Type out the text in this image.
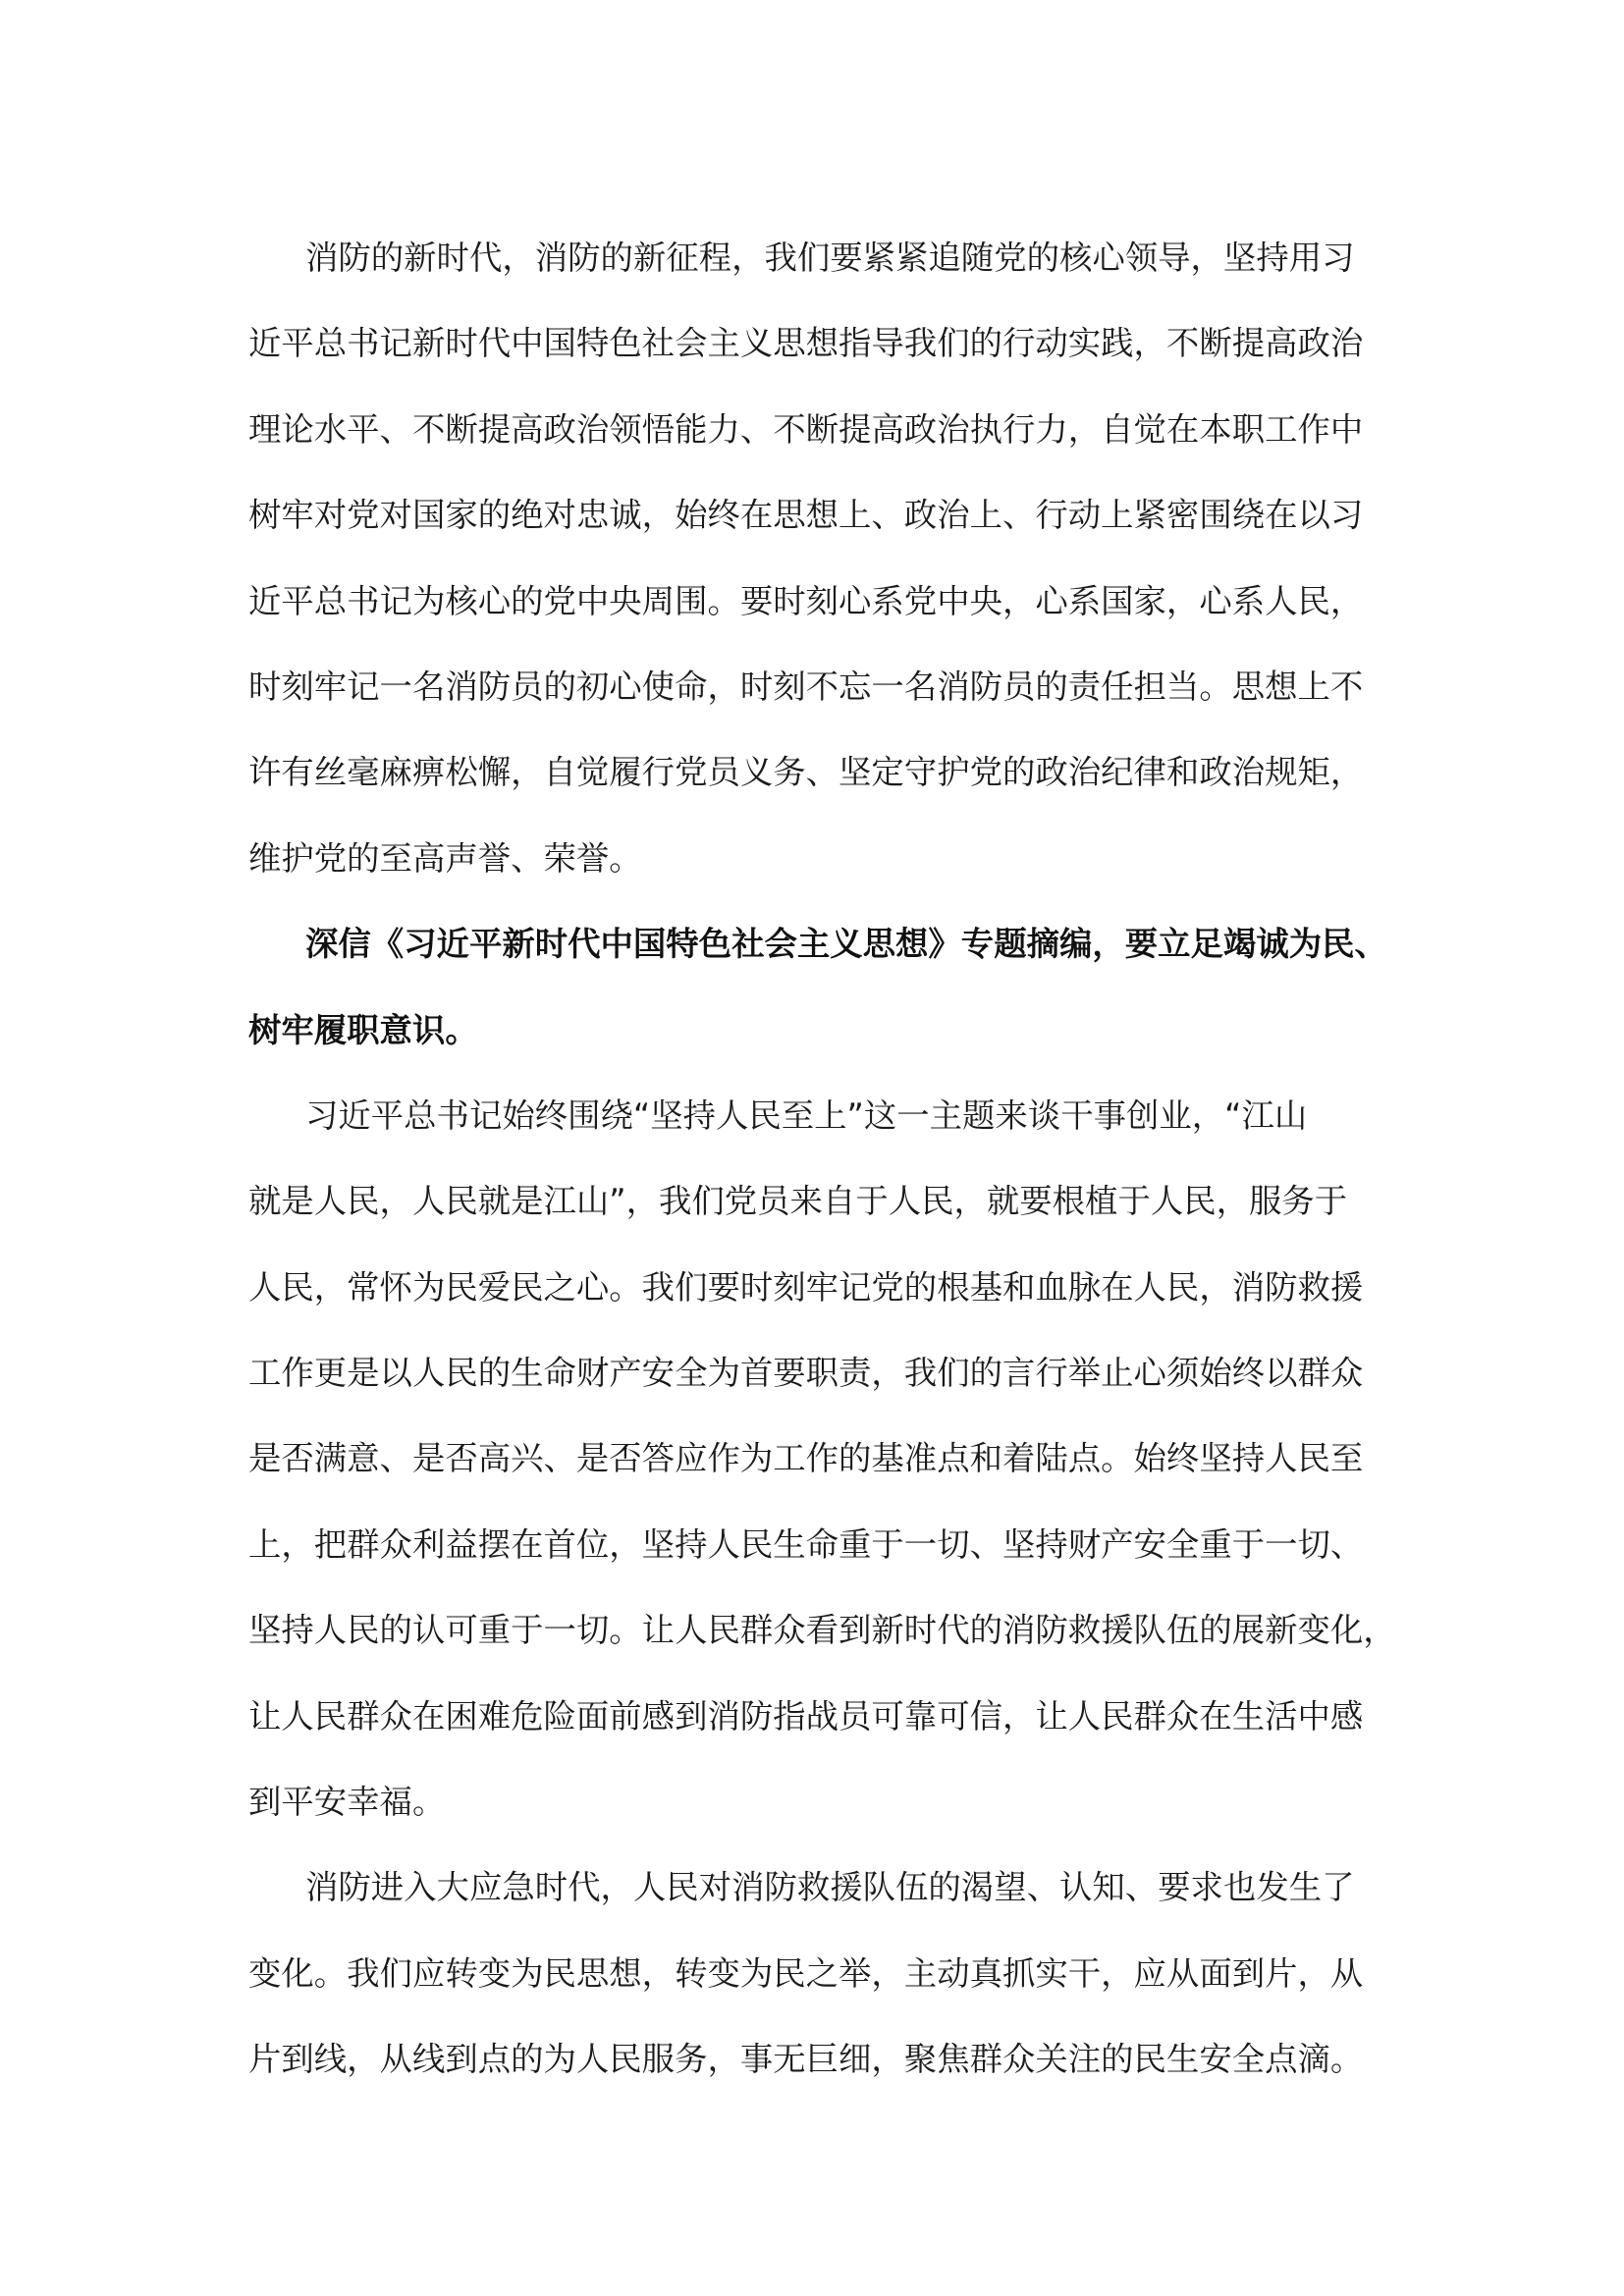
消防的新时代，消防的新征程，我们要紧紧追随党的核心领导，坚持用习
近平总书记新时代中国特色社会主义思想指导我们的行动实践，不断提高政治
理论水平、不断提高政治领悟能力、不断提高政治执行力，自觉在本职工作中
树牢对党对国家的绝对忠诚，始终在思想上、政治上、行动上紧密围绕在以习
近平总书记为核心的党中央周围。要时刻心系党中央，心系国家，心系人民，
时刻牢记一名消防员的初心使命，时刻不忘一名消防员的责任担当。思想上不
许有丝毫麻痹松懈，自觉履行党员义务、坚定守护党的政治纪律和政治规矩，
维护党的至高声誉、荣誉。
深信《习近平新时代中国特色社会主义思想》专题摘编，要立足竭诚为民、
树牢履职意识。
习近平总书记始终围绕“坚持人民至上”这一主题来谈干事创业，“江山
就是人民，人民就是江山”，我们党员来自于人民，就要根植于人民，服务于
人民，常怀为民爱民之心。我们要时刻牢记党的根基和血脉在人民，消防救援
工作更是以人民的生命财产安全为首要职责，我们的言行举止心须始终以群众
是否满意、是否高兴、是否答应作为工作的基准点和着陆点。始终坚持人民至
上，把群众利益摆在首位，坚持人民生命重于一切、坚持财产安全重于一切、
坚持人民的认可重于一切。让人民群众看到新时代的消防救援队伍的展新变化，
让人民群众在困难危险面前感到消防指战员可靠可信，让人民群众在生活中感
到平安幸福。
消防进入大应急时代，人民对消防救援队伍的渴望、认知、要求也发生了
变化。我们应转变为民思想，转变为民之举，主动真抓实干，应从面到片，从
片到线，从线到点的为人民服务，事无巨细，聚焦群众关注的民生安全点滴。
